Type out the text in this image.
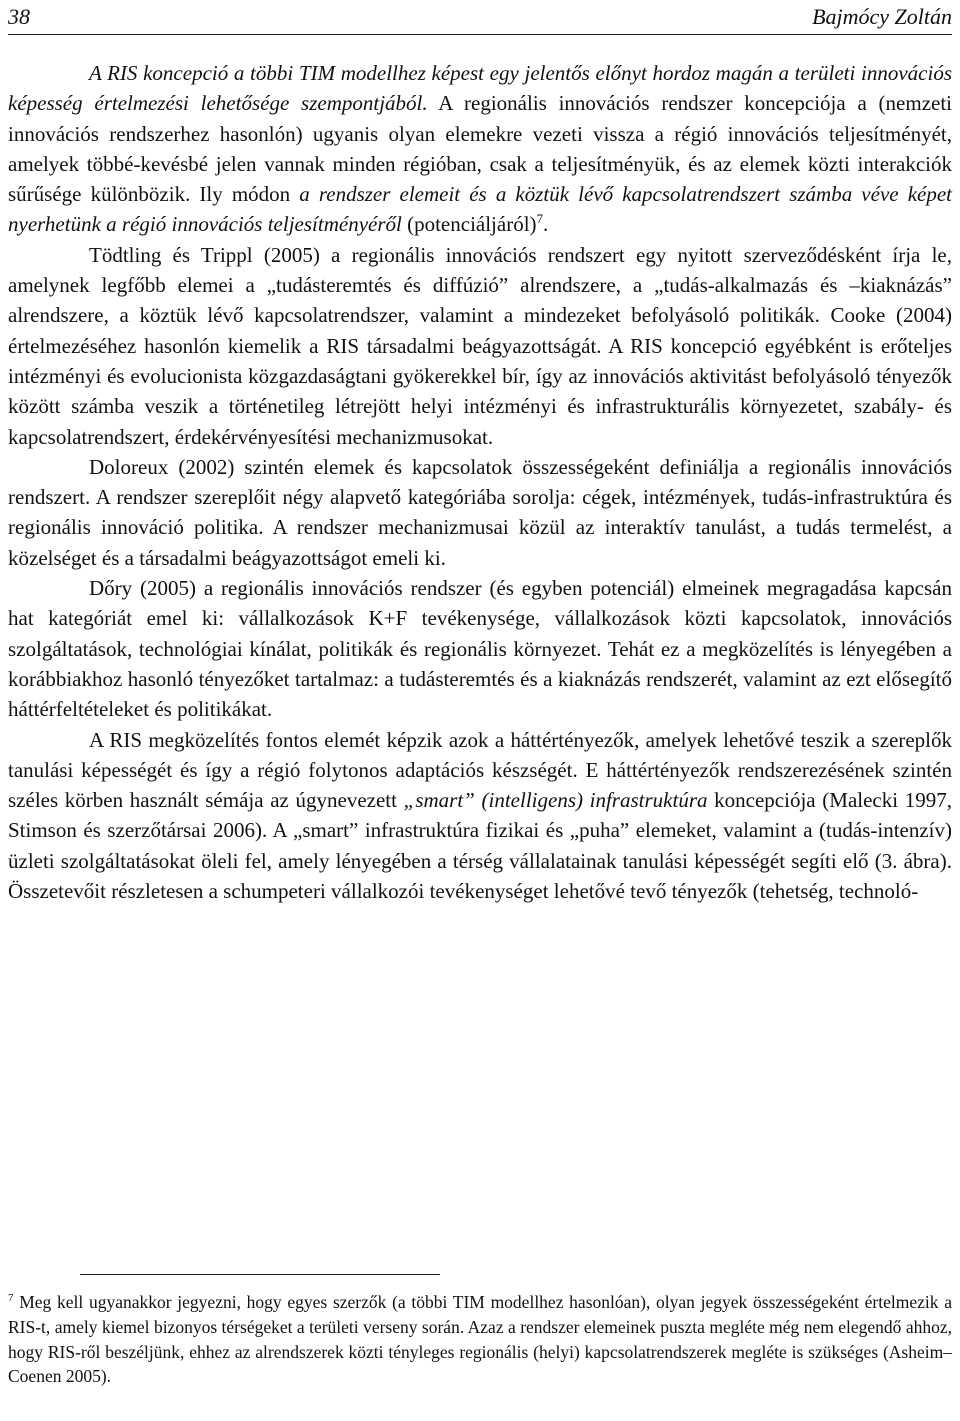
38	Bajmócy Zoltán

A RIS koncepció a többi TIM modellhez képest egy jelentős előnyt hordoz magán a területi innovációs képesség értelmezési lehetősége szempontjából. A regionális innovációs rendszer koncepciója a (nemzeti innovációs rendszerhez hasonlón) ugyanis olyan elemekre vezeti vissza a régió innovációs teljesítményét, amelyek többé-kevésbé jelen vannak minden régióban, csak a teljesítményük, és az elemek közti interakciók sűrűsége különbözik. Ily módon a rendszer elemeit és a köztük lévő kapcsolatrendszert számba véve képet nyerhetünk a régió innovációs teljesítményéről (potenciáljáról)$^7$.

Tödtling és Trippl (2005) a regionális innovációs rendszert egy nyitott szerveződésként írja le, amelynek legfőbb elemei a „tudásteremtés és diffúzió” alrendszere, a „tudás-alkalmazás és –kiaknázás” alrendszere, a köztük lévő kapcsolatrendszer, valamint a mindezeket befolyásoló politikák. Cooke (2004) értelmezéséhez hasonlón kiemelik a RIS társadalmi beágyazottságát. A RIS koncepció egyébként is erőteljes intézményi és evolucionista közgazdaságtani gyökerekkel bír, így az innovációs aktivitást befolyásoló tényezők között számba veszik a történetileg létrejött helyi intézményi és infrastrukturális környezetet, szabály- és kapcsolatrendszert, érdekérvényesítési mechanizmusokat.

Doloreux (2002) szintén elemek és kapcsolatok összességeként definiálja a regionális innovációs rendszert. A rendszer szereplőit négy alapvető kategóriába sorolja: cégek, intézmények, tudás-infrastruktúra és regionális innováció politika. A rendszer mechanizmusai közül az interaktív tanulást, a tudás termelést, a közelséget és a társadalmi beágyazottságot emeli ki.

Dőry (2005) a regionális innovációs rendszer (és egyben potenciál) elmeinek megragadása kapcsán hat kategóriát emel ki: vállalkozások K+F tevékenysége, vállalkozások közti kapcsolatok, innovációs szolgáltatások, technológiai kínálat, politikák és regionális környezet. Tehát ez a megközelítés is lényegében a korábbiakhoz hasonló tényezőket tartalmaz: a tudásteremtés és a kiaknázás rendszerét, valamint az ezt elősegítő háttérfeltételeket és politikákat.

A RIS megközelítés fontos elemét képzik azok a háttértényezők, amelyek lehetővé teszik a szereplők tanulási képességét és így a régió folytonos adaptációs készségét. E háttértényezők rendszerezésének szintén széles körben használt sémája az úgynevezett „smart” (intelligens) infrastruktúra koncepciója (Malecki 1997, Stimson és szerzőtársai 2006). A „smart” infrastruktúra fizikai és „puha” elemeket, valamint a (tudás-intenzív) üzleti szolgáltatásokat öleli fel, amely lényegében a térség vállalatainak tanulási képességét segíti elő (3. ábra). Összetevőit részletesen a schumpeteri vállalkozói tevékenységet lehetővé tevő tényezők (tehetség, technoló-

$^7$ Meg kell ugyanakkor jegyezni, hogy egyes szerzők (a többi TIM modellhez hasonlóan), olyan jegyek összességeként értelmezik a RIS-t, amely kiemel bizonyos térségeket a területi verseny során. Azaz a rendszer elemeinek puszta megléte még nem elegendő ahhoz, hogy RIS-ről beszéljünk, ehhez az alrendszerek közti tényleges regionális (helyi) kapcsolatrendszerek megléte is szükséges (Asheim–Coenen 2005).
